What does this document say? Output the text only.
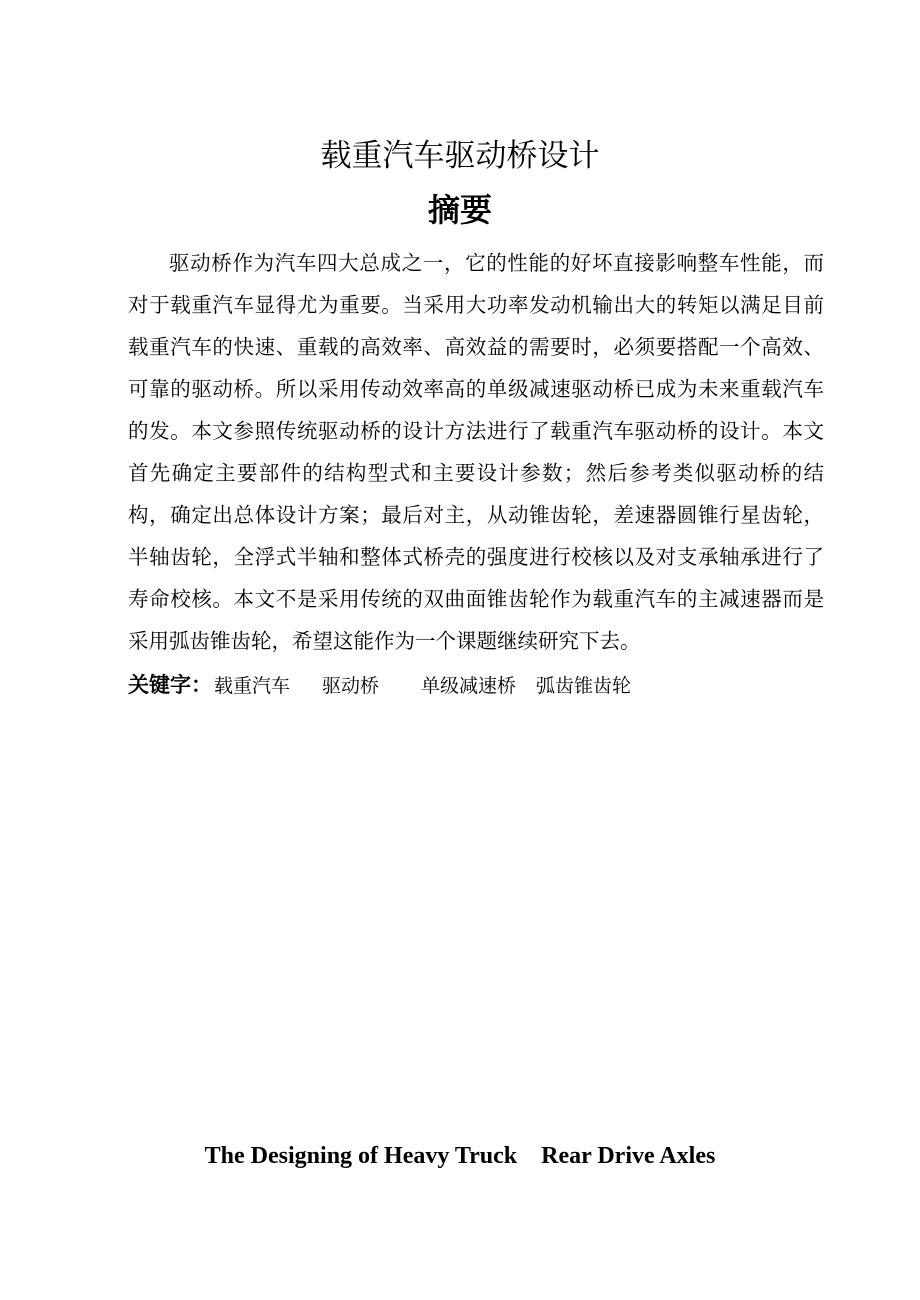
载重汽车驱动桥设计
摘要

驱动桥作为汽车四大总成之一，它的性能的好坏直接影响整车性能，而对于载重汽车显得尤为重要。当采用大功率发动机输出大的转矩以满足目前载重汽车的快速、重载的高效率、高效益的需要时，必须要搭配一个高效、可靠的驱动桥。所以采用传动效率高的单级减速驱动桥已成为未来重载汽车的发。本文参照传统驱动桥的设计方法进行了载重汽车驱动桥的设计。本文首先确定主要部件的结构型式和主要设计参数；然后参考类似驱动桥的结构，确定出总体设计方案；最后对主，从动锥齿轮，差速器圆锥行星齿轮，半轴齿轮，全浮式半轴和整体式桥壳的强度进行校核以及对支承轴承进行了寿命校核。本文不是采用传统的双曲面锥齿轮作为载重汽车的主减速器而是采用弧齿锥齿轮，希望这能作为一个课题继续研究下去。

关键字： 载重汽车 驱动桥 单级减速桥 弧齿锥齿轮
The Designing of Heavy Truck    Rear Drive Axles
